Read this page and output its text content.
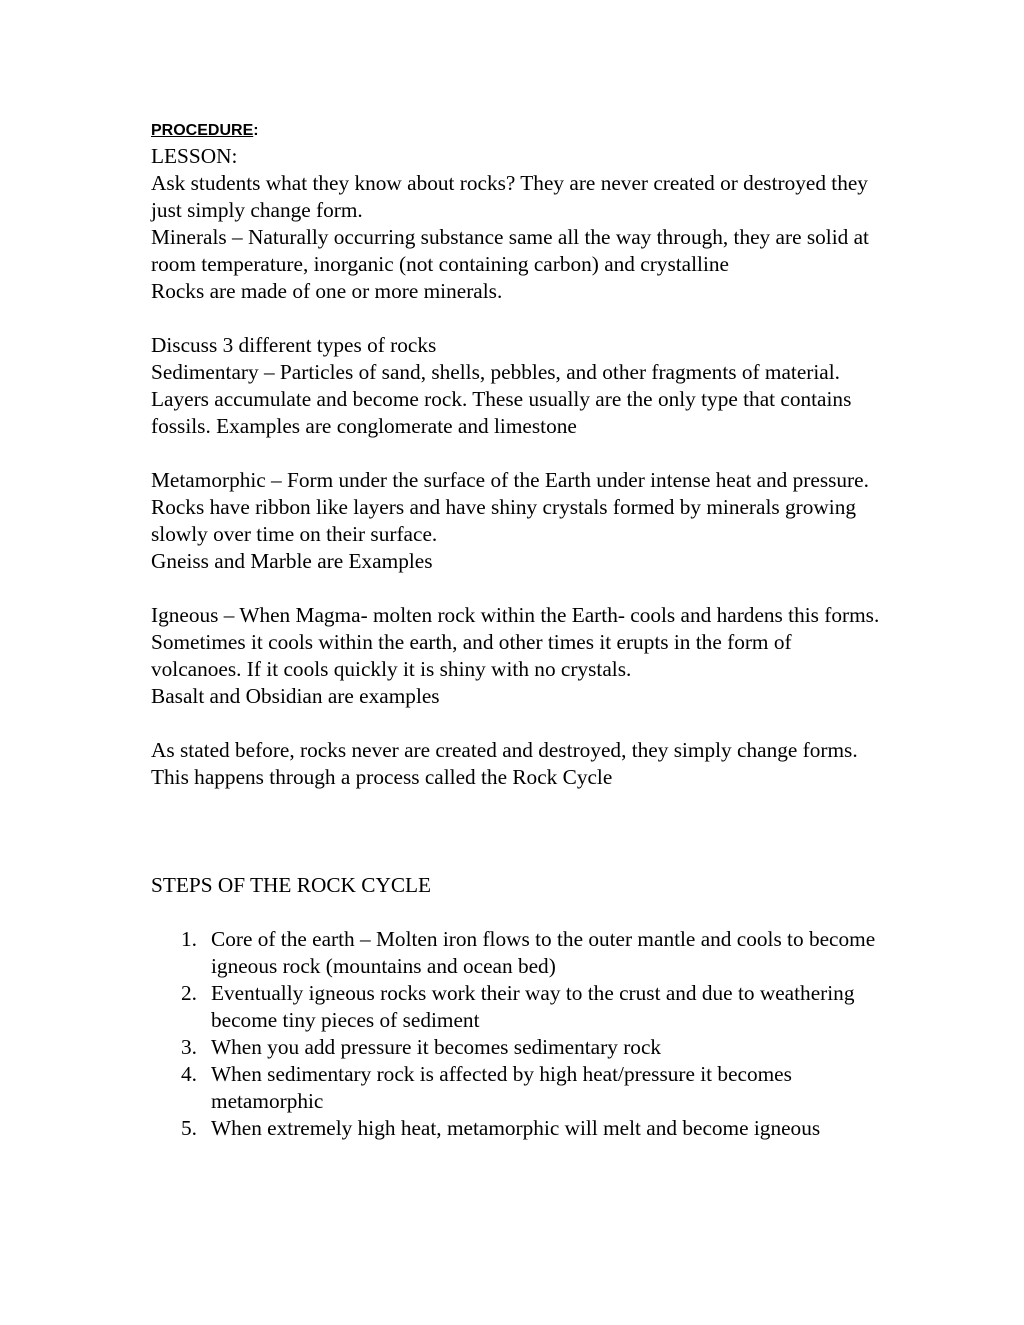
PROCEDURE:

LESSON:

Ask students what they know about rocks? They are never created or destroyed they just simply change form.

Minerals – Naturally occurring substance same all the way through, they are solid at room temperature, inorganic (not containing carbon) and crystalline

Rocks are made of one or more minerals.

Discuss 3 different types of rocks

Sedimentary – Particles of sand, shells, pebbles, and other fragments of material. Layers accumulate and become rock. These usually are the only type that contains fossils. Examples are conglomerate and limestone

Metamorphic – Form under the surface of the Earth under intense heat and pressure. Rocks have ribbon like layers and have shiny crystals formed by minerals growing slowly over time on their surface.

Gneiss and Marble are Examples

Igneous – When Magma- molten rock within the Earth- cools and hardens this forms. Sometimes it cools within the earth, and other times it erupts in the form of volcanoes. If it cools quickly it is shiny with no crystals.

Basalt and Obsidian are examples

As stated before, rocks never are created and destroyed, they simply change forms. This happens through a process called the Rock Cycle

STEPS OF THE ROCK CYCLE

1. Core of the earth – Molten iron flows to the outer mantle and cools to become igneous rock (mountains and ocean bed)
2. Eventually igneous rocks work their way to the crust and due to weathering become tiny pieces of sediment
3. When you add pressure it becomes sedimentary rock
4. When sedimentary rock is affected by high heat/pressure it becomes metamorphic
5. When extremely high heat, metamorphic will melt and become igneous
